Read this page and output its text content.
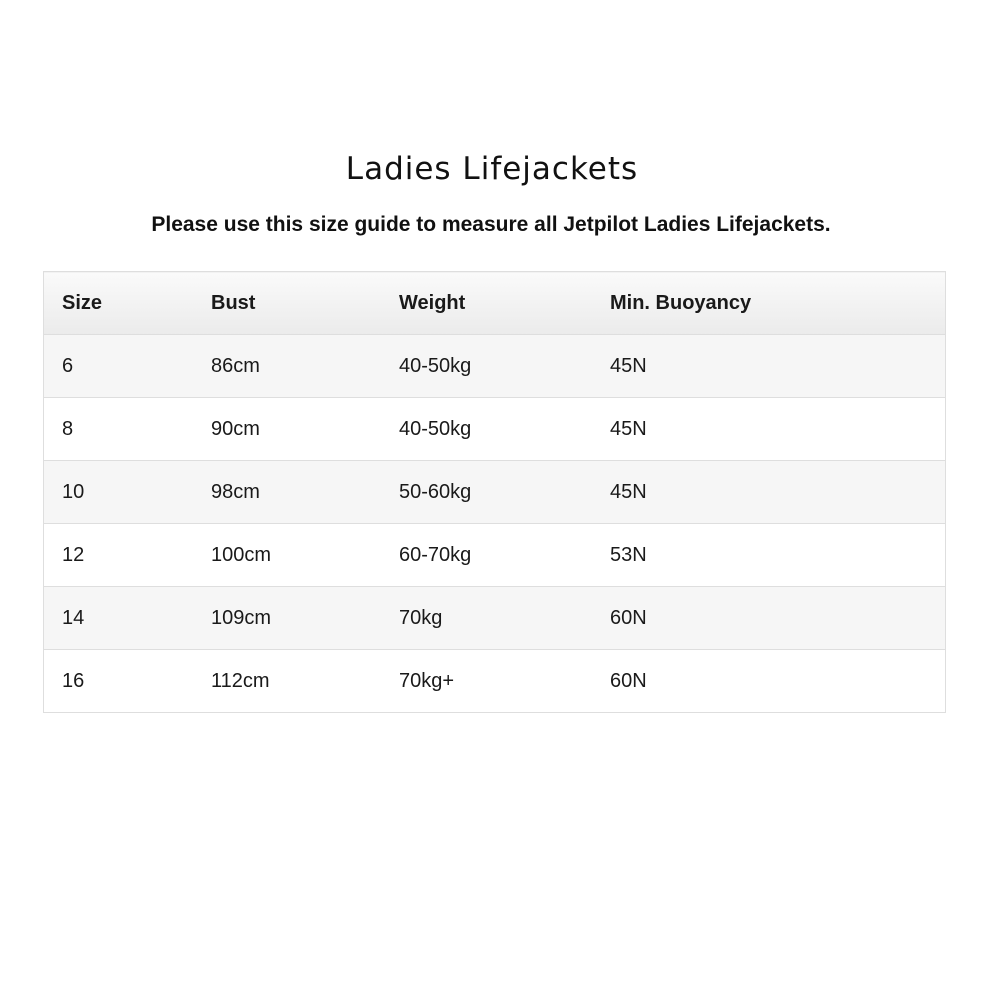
Ladies Lifejackets

Please use this size guide to measure all Jetpilot Ladies Lifejackets.

Size	Bust	Weight	Min. Buoyancy
6	86cm	40-50kg	45N
8	90cm	40-50kg	45N
10	98cm	50-60kg	45N
12	100cm	60-70kg	53N
14	109cm	70kg	60N
16	112cm	70kg+	60N
